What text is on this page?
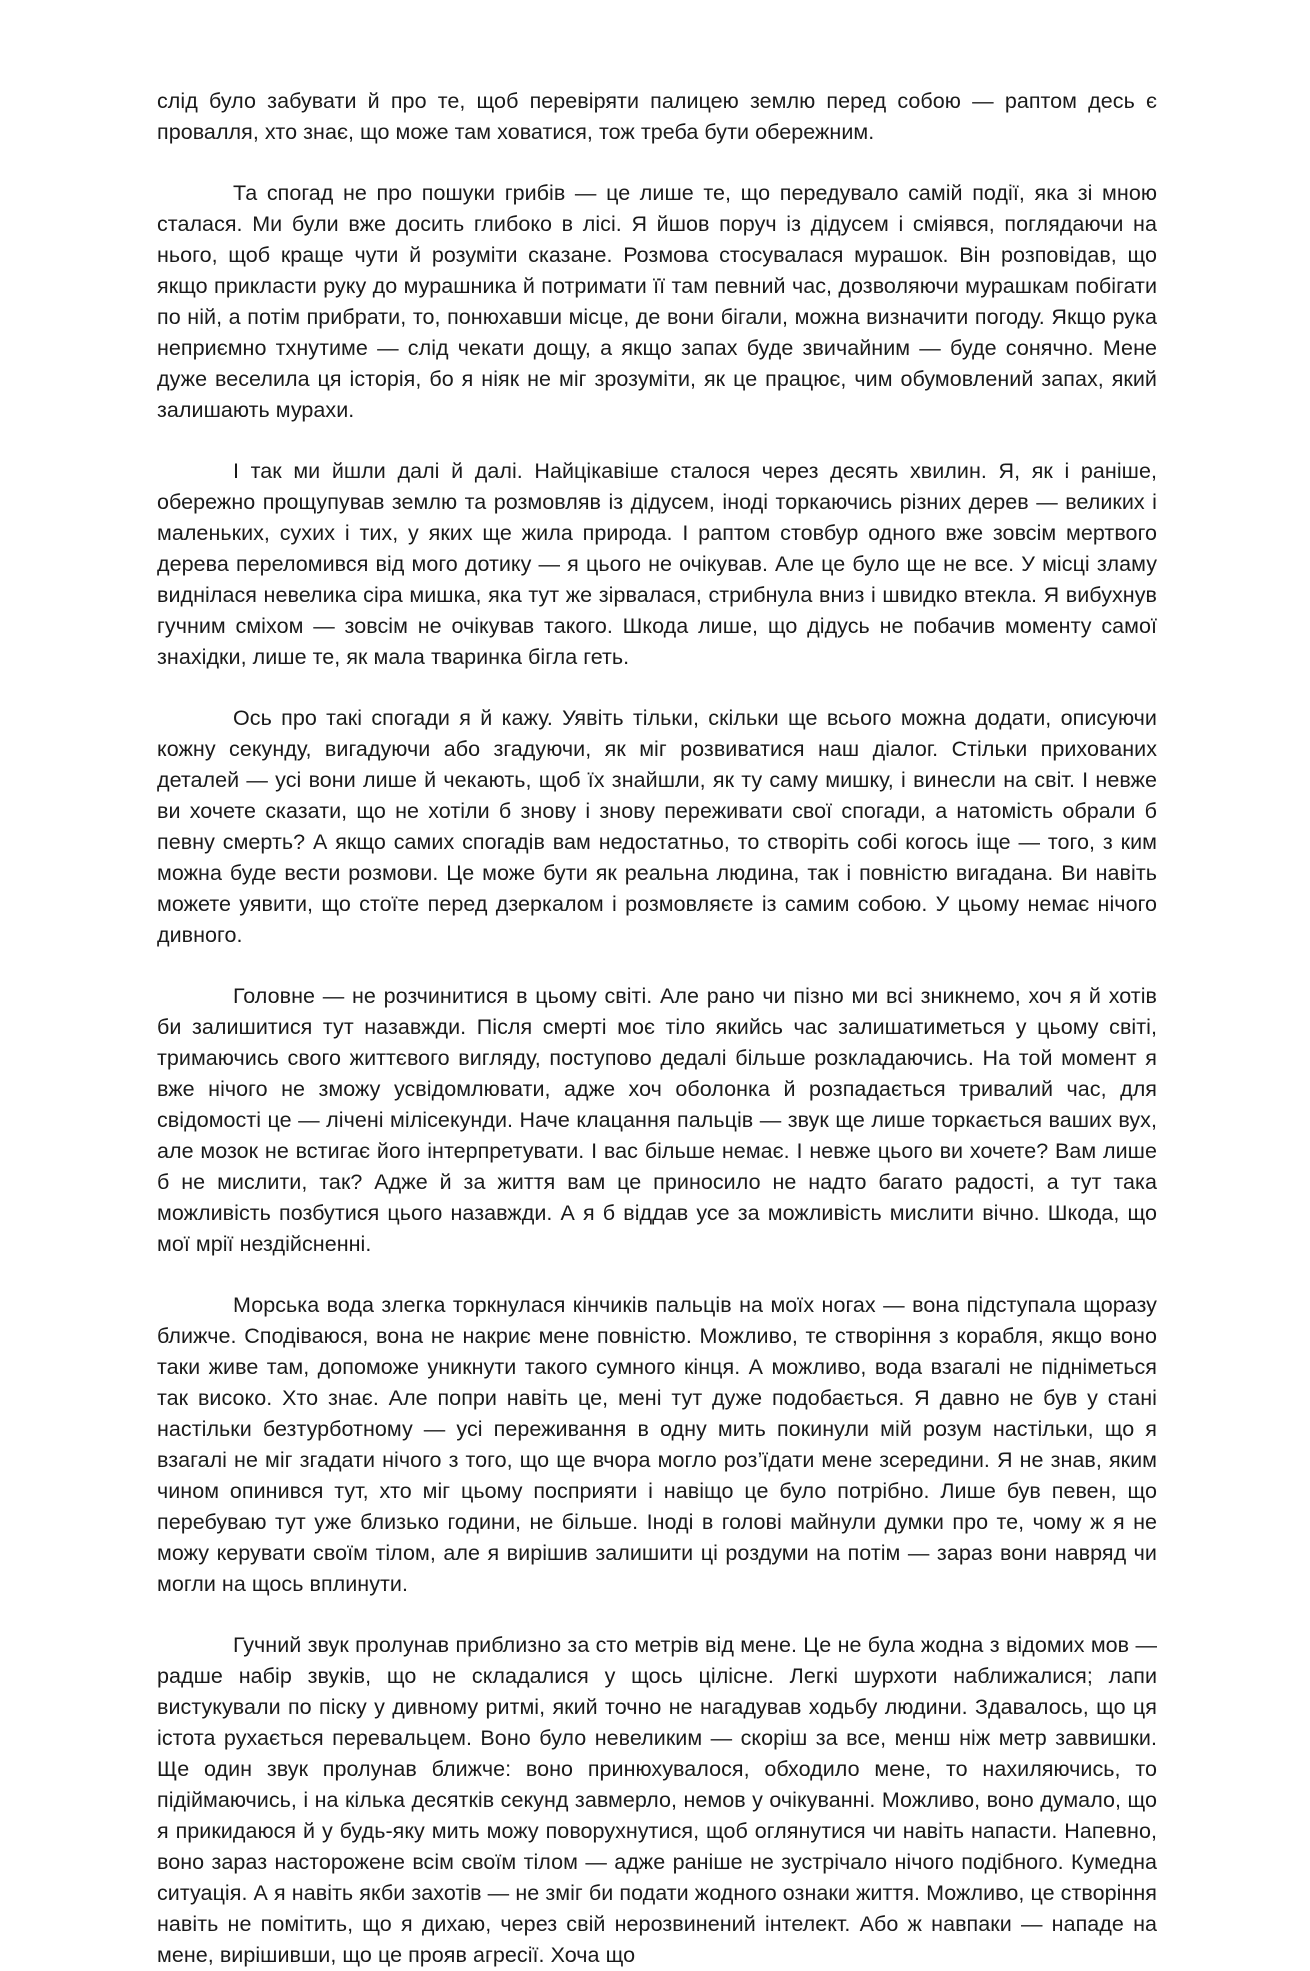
слід було забувати й про те, щоб перевіряти палицею землю перед собою — раптом десь є провалля, хто знає, що може там ховатися, тож треба бути обережним.

Та спогад не про пошуки грибів — це лише те, що передувало самій події, яка зі мною сталася. Ми були вже досить глибоко в лісі. Я йшов поруч із дідусем і сміявся, поглядаючи на нього, щоб краще чути й розуміти сказане. Розмова стосувалася мурашок. Він розповідав, що якщо прикласти руку до мурашника й потримати її там певний час, дозволяючи мурашкам побігати по ній, а потім прибрати, то, понюхавши місце, де вони бігали, можна визначити погоду. Якщо рука неприємно тхнутиме — слід чекати дощу, а якщо запах буде звичайним — буде сонячно. Мене дуже веселила ця історія, бо я ніяк не міг зрозуміти, як це працює, чим обумовлений запах, який залишають мурахи.

І так ми йшли далі й далі. Найцікавіше сталося через десять хвилин. Я, як і раніше, обережно прощупував землю та розмовляв із дідусем, іноді торкаючись різних дерев — великих і маленьких, сухих і тих, у яких ще жила природа. І раптом стовбур одного вже зовсім мертвого дерева переломився від мого дотику — я цього не очікував. Але це було ще не все. У місці зламу виднілася невелика сіра мишка, яка тут же зірвалася, стрибнула вниз і швидко втекла. Я вибухнув гучним сміхом — зовсім не очікував такого. Шкода лише, що дідусь не побачив моменту самої знахідки, лише те, як мала тваринка бігла геть.

Ось про такі спогади я й кажу. Уявіть тільки, скільки ще всього можна додати, описуючи кожну секунду, вигадуючи або згадуючи, як міг розвиватися наш діалог. Стільки прихованих деталей — усі вони лише й чекають, щоб їх знайшли, як ту саму мишку, і винесли на світ. І невже ви хочете сказати, що не хотіли б знову і знову переживати свої спогади, а натомість обрали б певну смерть? А якщо самих спогадів вам недостатньо, то створіть собі когось іще — того, з ким можна буде вести розмови. Це може бути як реальна людина, так і повністю вигадана. Ви навіть можете уявити, що стоїте перед дзеркалом і розмовляєте із самим собою. У цьому немає нічого дивного.

Головне — не розчинитися в цьому світі. Але рано чи пізно ми всі зникнемо, хоч я й хотів би залишитися тут назавжди. Після смерті моє тіло якийсь час залишатиметься у цьому світі, тримаючись свого життєвого вигляду, поступово дедалі більше розкладаючись. На той момент я вже нічого не зможу усвідомлювати, адже хоч оболонка й розпадається тривалий час, для свідомості це — лічені мілісекунди. Наче клацання пальців — звук ще лише торкається ваших вух, але мозок не встигає його інтерпретувати. І вас більше немає. І невже цього ви хочете? Вам лише б не мислити, так? Адже й за життя вам це приносило не надто багато радості, а тут така можливість позбутися цього назавжди. А я б віддав усе за можливість мислити вічно. Шкода, що мої мрії нездійсненні.

Морська вода злегка торкнулася кінчиків пальців на моїх ногах — вона підступала щоразу ближче. Сподіваюся, вона не накриє мене повністю. Можливо, те створіння з корабля, якщо воно таки живе там, допоможе уникнути такого сумного кінця. А можливо, вода взагалі не підніметься так високо. Хто знає. Але попри навіть це, мені тут дуже подобається. Я давно не був у стані настільки безтурботному — усі переживання в одну мить покинули мій розум настільки, що я взагалі не міг згадати нічого з того, що ще вчора могло роз’їдати мене зсередини. Я не знав, яким чином опинився тут, хто міг цьому посприяти і навіщо це було потрібно. Лише був певен, що перебуваю тут уже близько години, не більше. Іноді в голові майнули думки про те, чому ж я не можу керувати своїм тілом, але я вирішив залишити ці роздуми на потім — зараз вони навряд чи могли на щось вплинути.

Гучний звук пролунав приблизно за сто метрів від мене. Це не була жодна з відомих мов — радше набір звуків, що не складалися у щось цілісне. Легкі шурхоти наближалися; лапи вистукували по піску у дивному ритмі, який точно не нагадував ходьбу людини. Здавалось, що ця істота рухається перевальцем. Воно було невеликим — скоріш за все, менш ніж метр заввишки. Ще один звук пролунав ближче: воно принюхувалося, обходило мене, то нахиляючись, то підіймаючись, і на кілька десятків секунд завмерло, немов у очікуванні. Можливо, воно думало, що я прикидаюся й у будь-яку мить можу поворухнутися, щоб оглянутися чи навіть напасти. Напевно, воно зараз насторожене всім своїм тілом — адже раніше не зустрічало нічого подібного. Кумедна ситуація. А я навіть якби захотів — не зміг би подати жодного ознаки життя. Можливо, це створіння навіть не помітить, що я дихаю, через свій нерозвинений інтелект. Або ж навпаки — нападе на мене, вирішивши, що це прояв агресії. Хоча що
